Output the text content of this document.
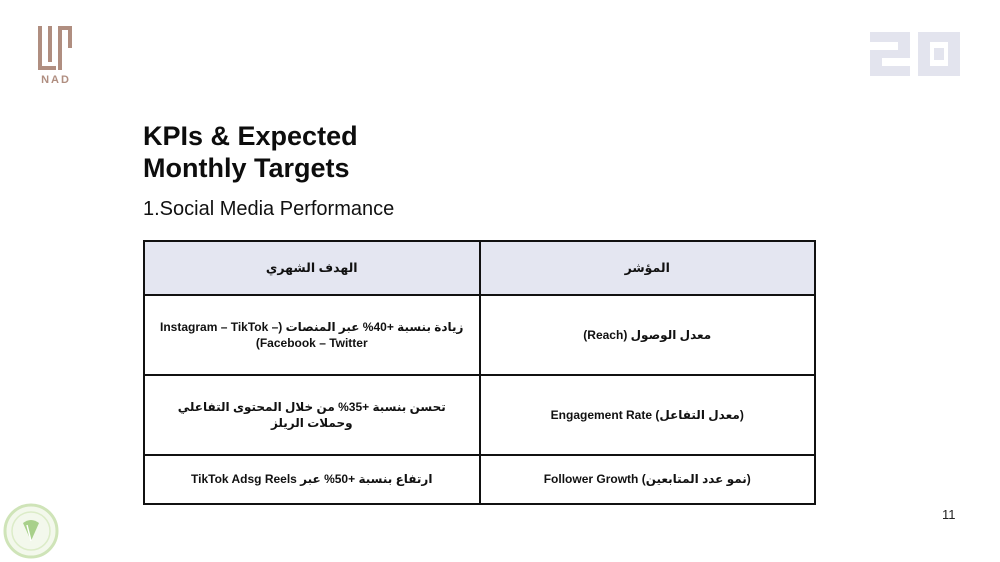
NAD
KPIs & Expected
Monthly Targets
1.Social Media Performance
الهدف الشهري	المؤشر
زيادة بنسبة +40% عبر المنصات (– Instagram – TikTok Facebook – Twitter)	معدل الوصول (Reach)
تحسن بنسبة +35% من خلال المحتوى التفاعلي وحملات الريلز	Engagement Rate (معدل التفاعل)
ارتفاع بنسبة +50% عبر TikTok Adsg Reels	Follower Growth (نمو عدد المتابعين)
11
